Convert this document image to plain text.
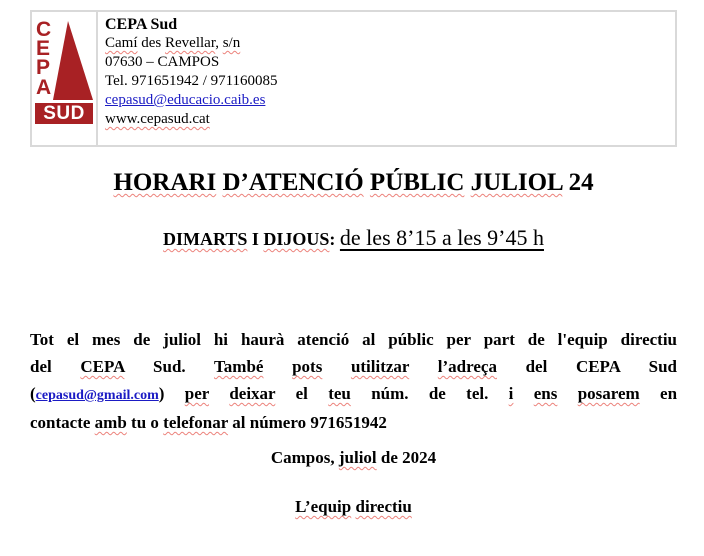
C
E
P
A
SUD
CEPA Sud
Camí des Revellar, s/n
07630 – CAMPOS
Tel. 971651942 / 971160085
cepasud@educacio.caib.es
www.cepasud.cat
HORARI D’ATENCIÓ PÚBLIC JULIOL 24
DIMARTS I DIJOUS: de les 8’15 a les 9’45 h
Tot el mes de juliol hi haurà atenció al públic per part de l'equip directiu
del CEPA Sud. També pots utilitzar l’adreça del CEPA Sud
(cepasud@gmail.com) per deixar el teu núm. de tel. i ens posarem en
contacte amb tu o telefonar al número 971651942
Campos, juliol de 2024
L’equip directiu
